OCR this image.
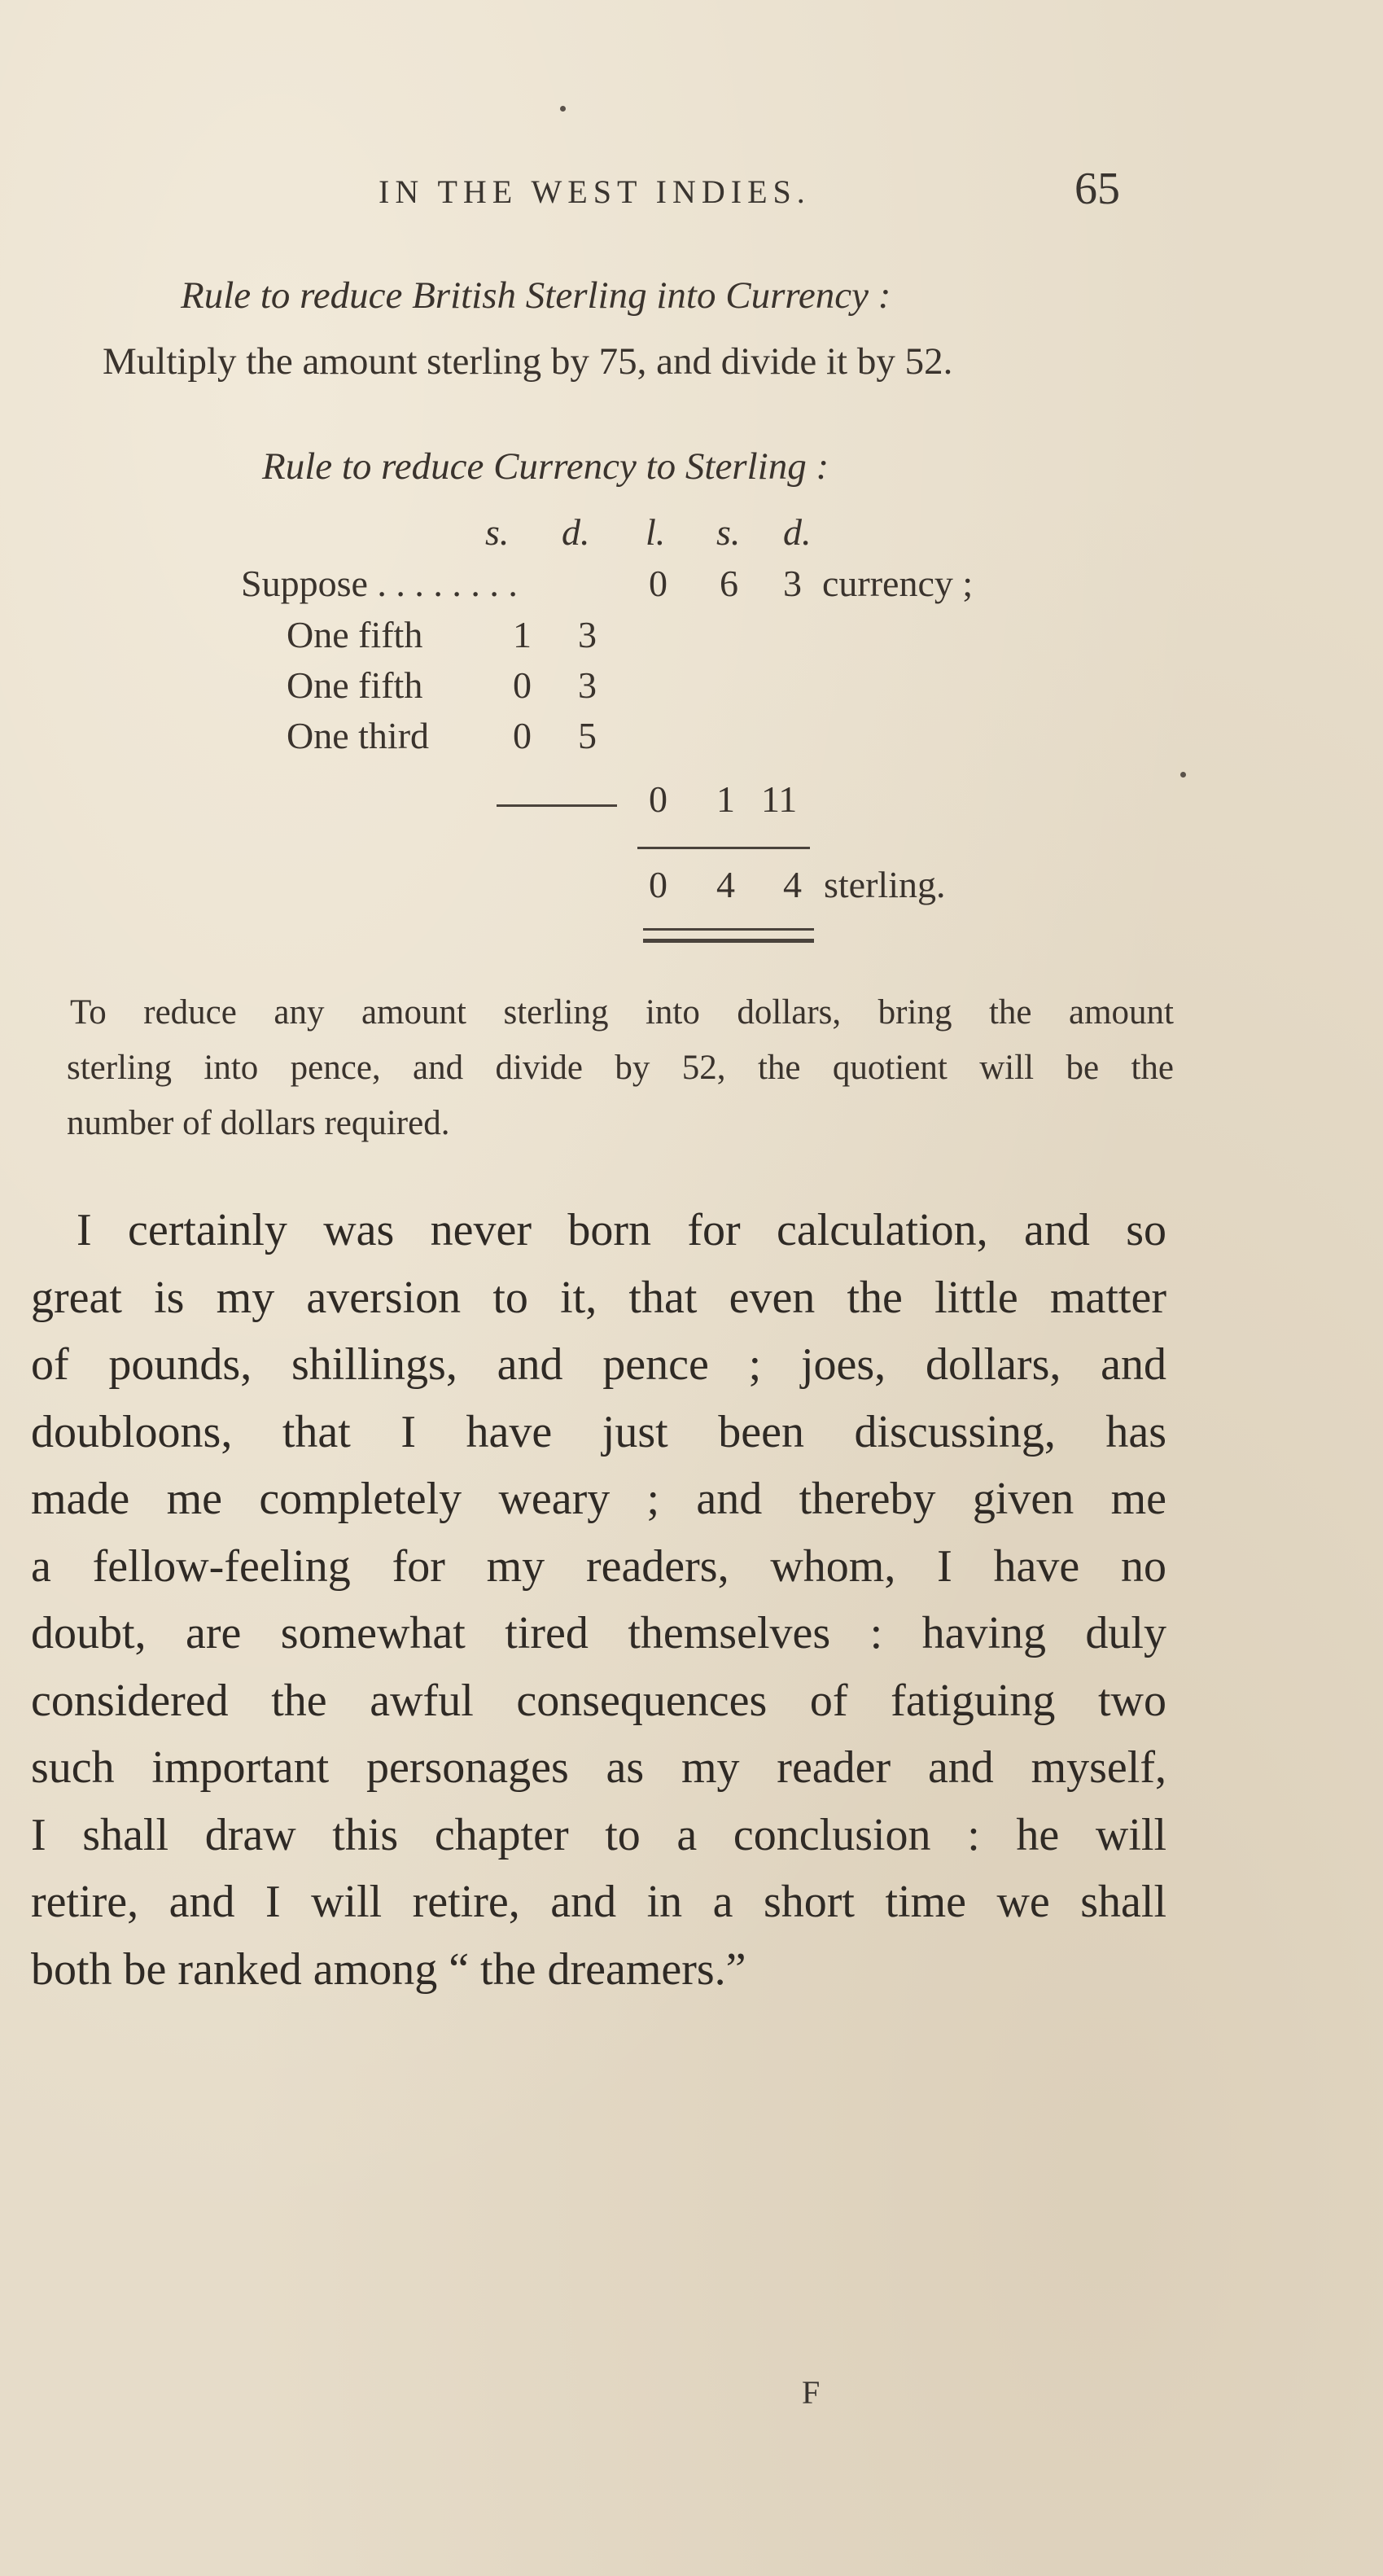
IN THE WEST INDIES.	65
Rule to reduce British Sterling into Currency :
Multiply the amount sterling by 75, and divide it by 52.
Rule to reduce Currency to Sterling :
s. d. l. s. d.
Suppose . . . . . . . .	0 6 3 currency ;
One fifth 1 3
One fifth 0 3
One third 0 5
0 1 11
0 4 4 sterling.
To reduce any amount sterling into dollars, bring the amount
sterling into pence, and divide by 52, the quotient will be the
number of dollars required.
I certainly was never born for calculation, and so
great is my aversion to it, that even the little matter
of pounds, shillings, and pence ; joes, dollars, and
doubloons, that I have just been discussing, has
made me completely weary ; and thereby given me
a fellow-feeling for my readers, whom, I have no
doubt, are somewhat tired themselves : having duly
considered the awful consequences of fatiguing two
such important personages as my reader and myself,
I shall draw this chapter to a conclusion : he will
retire, and I will retire, and in a short time we shall
both be ranked among “ the dreamers.”
F
